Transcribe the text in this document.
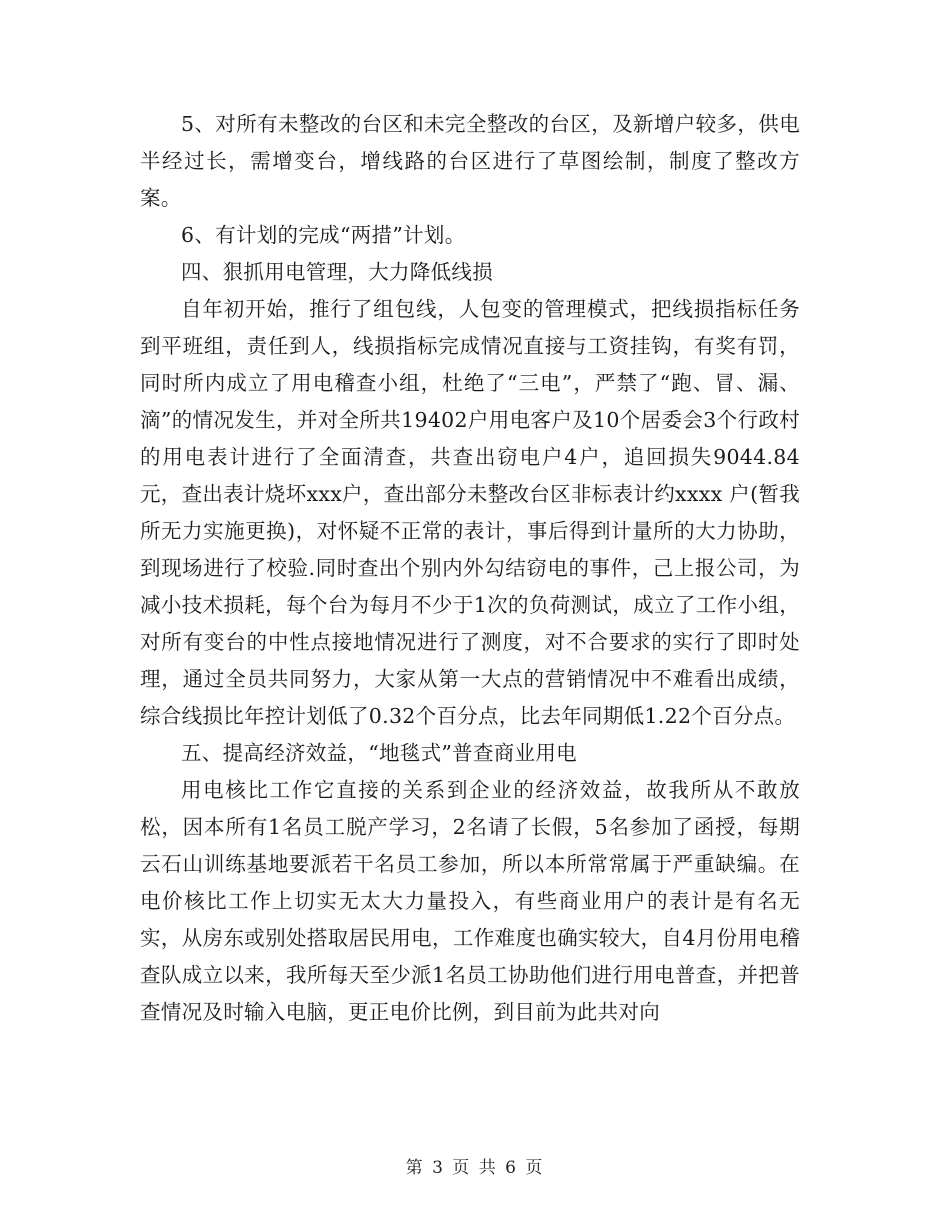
5、对所有未整改的台区和未完全整改的台区，及新增户较多，供电半经过长，需增变台，增线路的台区进行了草图绘制，制度了整改方案。

6、有计划的完成“两措”计划。

四、狠抓用电管理，大力降低线损

自年初开始，推行了组包线，人包变的管理模式，把线损指标任务到平班组，责任到人，线损指标完成情况直接与工资挂钩，有奖有罚，同时所内成立了用电稽查小组，杜绝了“三电”，严禁了“跑、冒、漏、滴”的情况发生，并对全所共19402户用电客户及10个居委会3个行政村的用电表计进行了全面清查，共查出窃电户4户，追回损失9044.84 元，查出表计烧坏xxx户，查出部分未整改台区非标表计约xxxx 户(暂我所无力实施更换)，对怀疑不正常的表计，事后得到计量所的大力协助，到现场进行了校验.同时查出个别内外勾结窃电的事件，己上报公司，为减小技术损耗，每个台为每月不少于1次的负荷测试，成立了工作小组，对所有变台的中性点接地情况进行了测度，对不合要求的实行了即时处理，通过全员共同努力，大家从第一大点的营销情况中不难看出成绩，综合线损比年控计划低了0.32个百分点，比去年同期低1.22个百分点。

五、提高经济效益，“地毯式”普查商业用电

用电核比工作它直接的关系到企业的经济效益，故我所从不敢放松，因本所有1名员工脱产学习，2名请了长假，5名参加了函授，每期云石山训练基地要派若干名员工参加，所以本所常常属于严重缺编。在电价核比工作上切实无太大力量投入，有些商业用户的表计是有名无实，从房东或别处搭取居民用电，工作难度也确实较大，自4月份用电稽查队成立以来，我所每天至少派1名员工协助他们进行用电普查，并把普查情况及时输入电脑，更正电价比例，到目前为此共对向

第 3 页 共 6 页
